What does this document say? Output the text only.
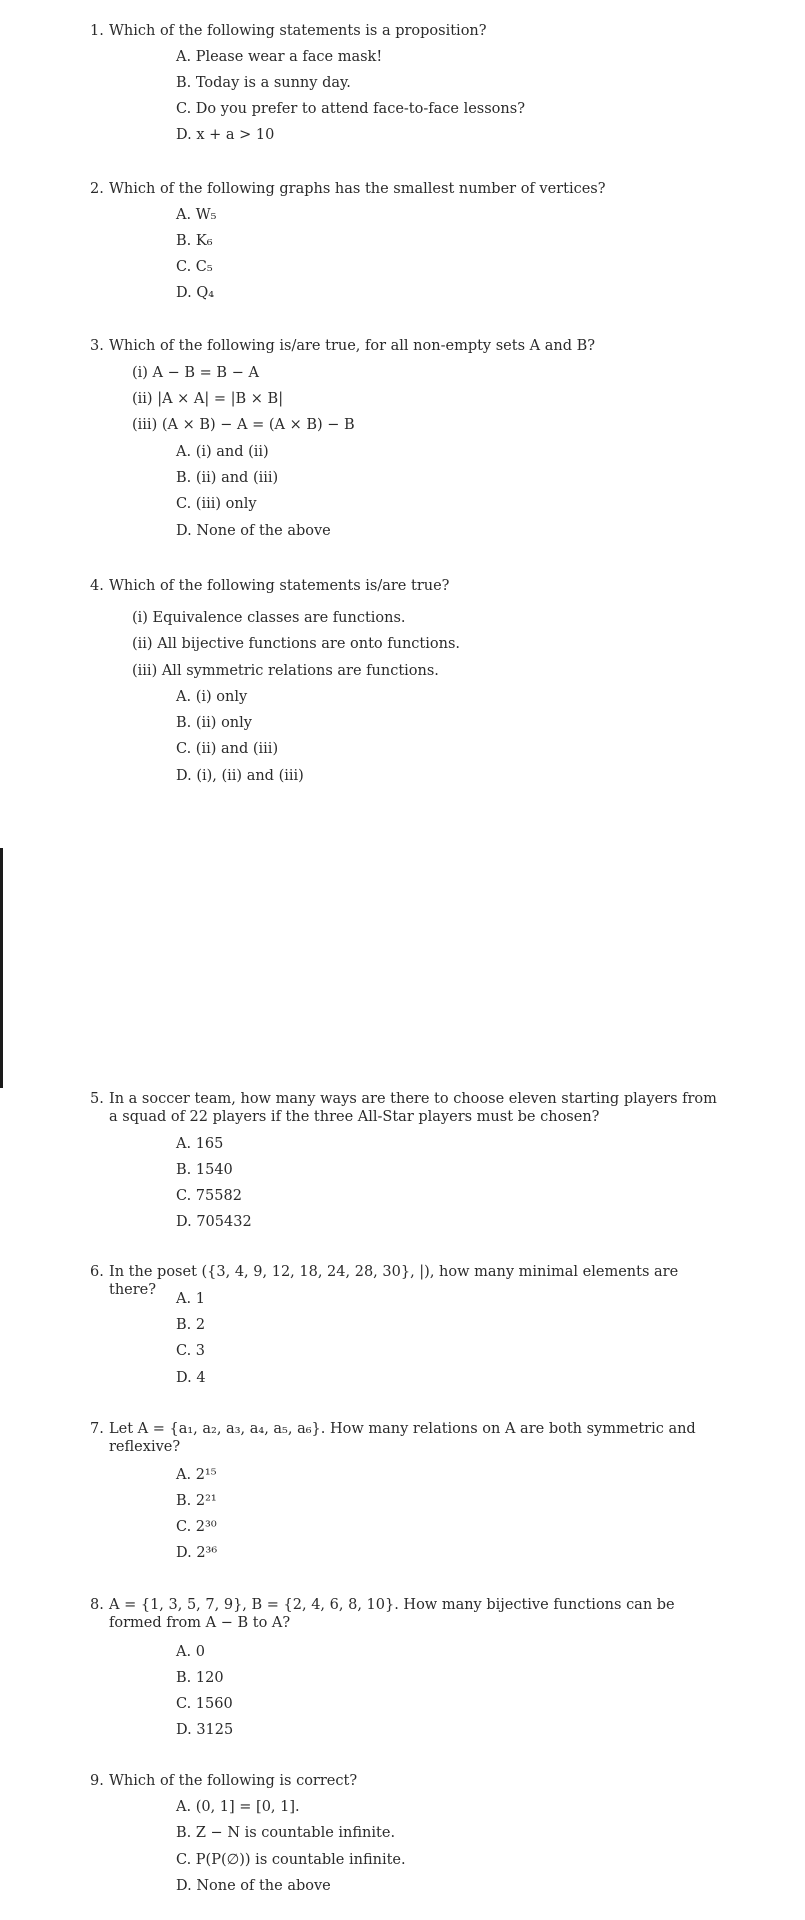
1. Which of the following statements is a proposition?

A. Please wear a face mask!
B. Today is a sunny day.
C. Do you prefer to attend face-to-face lessons?
D. x + a > 10

2. Which of the following graphs has the smallest number of vertices?

A. W₅
B. K₆
C. C₅
D. Q₄

3. Which of the following is/are true, for all non-empty sets A and B?

(i) A − B = B − A
(ii) |A × A| = |B × B|
(iii) (A × B) − A = (A × B) − B
A. (i) and (ii)
B. (ii) and (iii)
C. (iii) only
D. None of the above

4. Which of the following statements is/are true?

(i) Equivalence classes are functions.
(ii) All bijective functions are onto functions.
(iii) All symmetric relations are functions.
A. (i) only
B. (ii) only
C. (ii) and (iii)
D. (i), (ii) and (iii)

5. In a soccer team, how many ways are there to choose eleven starting players from a squad of 22 players if the three All-Star players must be chosen?

A. 165
B. 1540
C. 75582
D. 705432

6. In the poset ({3, 4, 9, 12, 18, 24, 28, 30}, |), how many minimal elements are there?

A. 1
B. 2
C. 3
D. 4

7. Let A = {a₁, a₂, a₃, a₄, a₅, a₆}. How many relations on A are both symmetric and reflexive?

A. 2¹⁵
B. 2²¹
C. 2³⁰
D. 2³⁶

8. A = {1, 3, 5, 7, 9}, B = {2, 4, 6, 8, 10}. How many bijective functions can be formed from A − B to A?

A. 0
B. 120
C. 1560
D. 3125

9. Which of the following is correct?

A. (0, 1] = [0, 1].
B. Z − N is countable infinite.
C. P(P(∅)) is countable infinite.
D. None of the above
